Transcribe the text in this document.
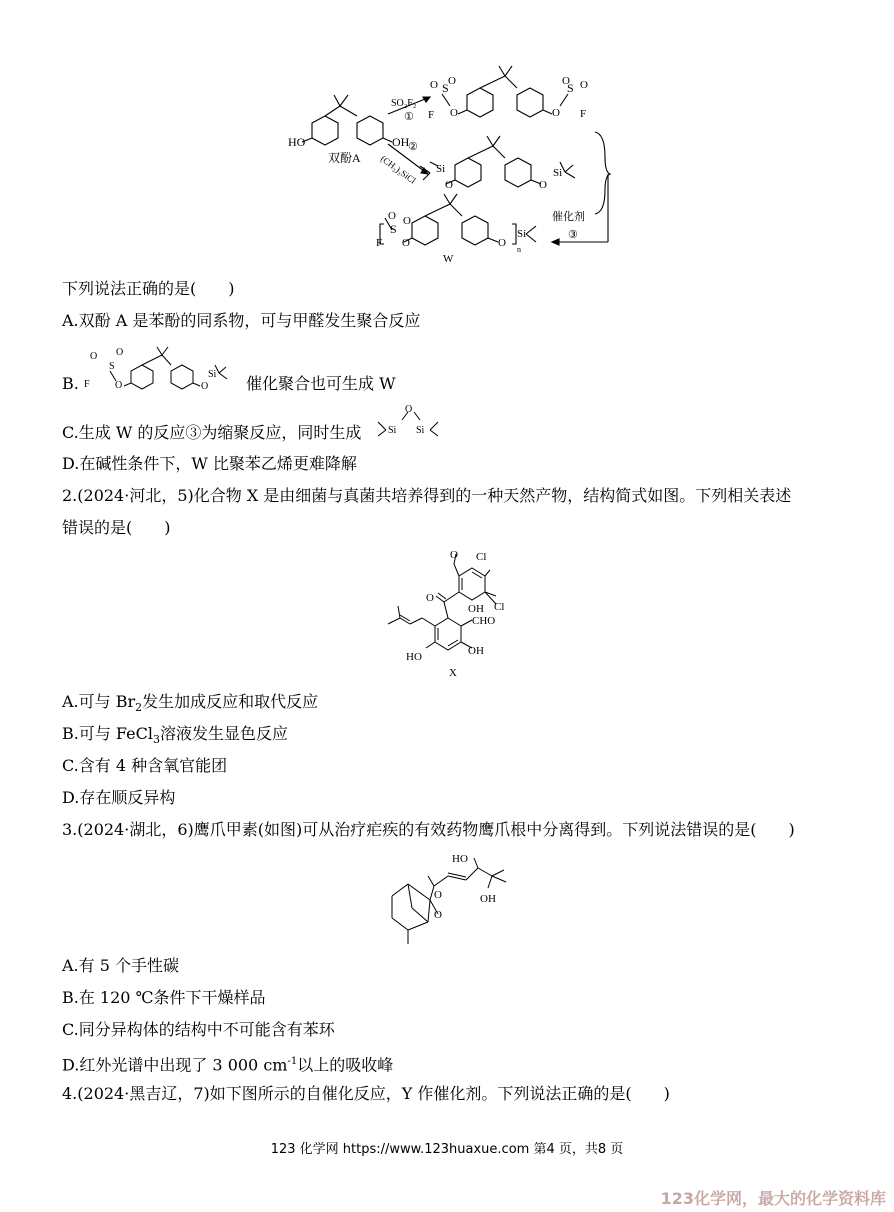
HO	OH
双酚A
SO₂F₂
①
②
(CH₃)₃SiCl
S
O O
F O	O
S
O O
F
Si
O	O
Si
O
S
O
F O	O
Si
n
W
催化剂
③
下列说法正确的是(　　)
A.双酚 A 是苯酚的同系物，可与甲醛发生聚合反应
B.
O
S
O
F	O	O
Si 催化聚合也可生成 W
C.生成 W 的反应③为缩聚反应，同时生成
O
Si Si
D.在碱性条件下，W 比聚苯乙烯更难降解
2.(2024·河北，5)化合物 X 是由细菌与真菌共培养得到的一种天然产物，结构简式如图。下列相关表述
错误的是(　　)
O Cl
Cl
OH
O
CHO
HO	OH
X
A.可与 $Br_2$发生加成反应和取代反应
B.可与 FeCl$_3$溶液发生显色反应
C.含有 4 种含氧官能团
D.存在顺反异构
3.(2024·湖北，6)鹰爪甲素(如图)可从治疗疟疾的有效药物鹰爪根中分离得到。下列说法错误的是(　　)
HO
OH
O
O
A.有 5 个手性碳
B.在 120 ℃条件下干燥样品
C.同分异构体的结构中不可能含有苯环
D.红外光谱中出现了 3 000 $cm^{-1}$以上的吸收峰
4.(2024·黑吉辽，7)如下图所示的自催化反应，Y 作催化剂。下列说法正确的是(　　)
123 化学网 https://www.123huaxue.com 第4 页，共8 页
123化学网，最大的化学资料库
